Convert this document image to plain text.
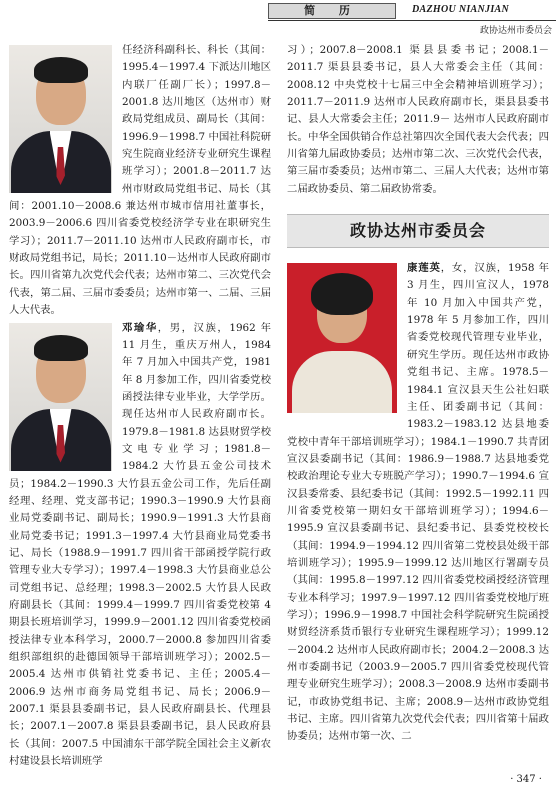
简 历	DAZHOU NIANJIAN
政协达州市委员会

任经济科副科长、科长（其间：1995.4－1997.4 下派达川地区内联厂任副厂长）；1997.8－2001.8 达川地区（达州市）财政局党组成员、副局长（其间：1996.9－1998.7 中国社科院研究生院商业经济专业研究生课程班学习）；2001.8－2011.7 达州市财政局党组书记、局长（其间：2001.10－2008.6 兼达州市城市信用社董事长，2003.9－2006.6 四川省委党校经济学专业在职研究生学习）；2011.7－2011.10 达州市人民政府副市长，市财政局党组书记，局长；2011.10－达州市人民政府副市长。四川省第九次党代会代表；达州市第二、三次党代会代表，第二届、三届市委委员；达州市第一、二届、三届人大代表。

邓瑜华，男，汉族，1962 年 11 月生，重庆万州人，1984 年 7 月加入中国共产党，1981 年 8 月参加工作，四川省委党校函授法律专业毕业，大学学历。现任达州市人民政府副市长。1979.8－1981.8 达县财贸学校文电专业学习；1981.8－1984.2 大竹县五金公司技术员；1984.2－1990.3 大竹县五金公司工作，先后任副经理、经理、党支部书记；1990.3－1990.9 大竹县商业局党委副书记、副局长；1990.9－1991.3 大竹县商业局党委书记；1991.3－1997.4 大竹县商业局党委书记、局长（1988.9－1991.7 四川省干部函授学院行政管理专业大专学习）；1997.4－1998.3 大竹县商业总公司党组书记、总经理；1998.3－2002.5 大竹县人民政府副县长（其间：1999.4－1999.7 四川省委党校第 4 期县长班培训学习，1999.9－2001.12 四川省委党校函授法律专业本科学习，2000.7－2000.8 参加四川省委组织部组织的赴德国领导干部培训班学习）；2002.5－2005.4 达州市供销社党委书记、主任；2005.4－2006.9 达州市商务局党组书记、局长；2006.9－2007.1 渠县县委副书记，县人民政府副县长、代理县长；2007.1－2007.8 渠县县委副书记，县人民政府县长（其间：2007.5 中国浦东干部学院全国社会主义新农村建设县长培训班学

习）；2007.8－2008.1 渠县县委书记；2008.1－2011.7 渠县县委书记，县人大常委会主任（其间：2008.12 中央党校十七届三中全会精神培训班学习）；2011.7－2011.9 达州市人民政府副市长，渠县县委书记、县人大常委会主任；2011.9－ 达州市人民政府副市长。中华全国供销合作总社第四次全国代表大会代表；四川省第九届政协委员；达州市第二次、三次党代会代表，第三届市委委员；达州市第二、三届人大代表；达州市第二届政协委员、第二届政协常委。

政协达州市委员会

康莲英，女，汉族，1958 年 3 月生，四川宣汉人，1978 年 10 月加入中国共产党，1978 年 5 月参加工作，四川省委党校现代管理专业毕业，研究生学历。现任达州市政协党组书记、主席。1978.5－1984.1 宣汉县天生公社妇联主任、团委副书记（其间：1983.2－1983.12 达县地委党校中青年干部培训班学习）；1984.1－1990.7 共青团宣汉县委副书记（其间：1986.9－1988.7 达县地委党校政治理论专业大专班脱产学习）；1990.7－1994.6 宣汉县委常委、县纪委书记（其间：1992.5－1992.11 四川省委党校第一期妇女干部培训班学习）；1994.6－1995.9 宣汉县委副书记、县纪委书记、县委党校校长（其间：1994.9－1994.12 四川省第二党校县处级干部培训班学习）；1995.9－1999.12 达川地区行署副专员（其间：1995.8－1997.12 四川省委党校函授经济管理专业本科学习；1997.9－1997.12 四川省委党校地厅班学习）；1996.9－1998.7 中国社会科学院研究生院函授财贸经济系货币银行专业研究生课程班学习）；1999.12－2004.2 达州市人民政府副市长；2004.2－2008.3 达州市委副书记（2003.9－2005.7 四川省委党校现代管理专业研究生班学习）；2008.3－2008.9 达州市委副书记，市政协党组书记、主席；2008.9－达州市政协党组书记、主席。四川省第九次党代会代表；四川省第十届政协委员；达州市第一次、二

· 347 ·
